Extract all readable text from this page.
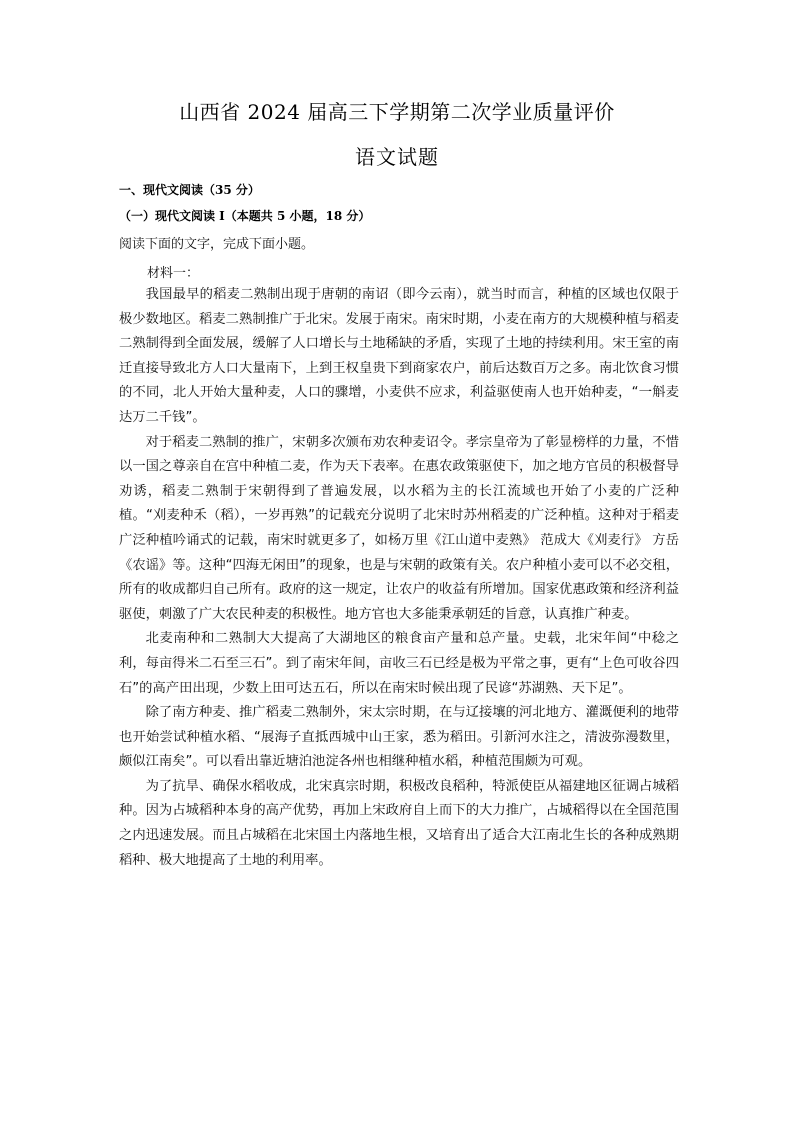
山西省 2024 届高三下学期第二次学业质量评价
语文试题
一、现代文阅读（35 分）
（一）现代文阅读 I（本题共 5 小题，18 分）
阅读下面的文字，完成下面小题。
材料一：

我国最早的稻麦二熟制出现于唐朝的南诏（即今云南），就当时而言，种植的区域也仅限于极少数地区。稻麦二熟制推广于北宋。发展于南宋。南宋时期，小麦在南方的大规模种植与稻麦二熟制得到全面发展，缓解了人口增长与土地稀缺的矛盾，实现了土地的持续利用。宋王室的南迁直接导致北方人口大量南下，上到王权皇贵下到商家农户，前后达数百万之多。南北饮食习惯的不同，北人开始大量种麦，人口的骤增，小麦供不应求，利益驱使南人也开始种麦，“一斛麦达万二千钱”。

对于稻麦二熟制的推广，宋朝多次颁布劝农种麦诏令。孝宗皇帝为了彰显榜样的力量，不惜以一国之尊亲自在宫中种植二麦，作为天下表率。在惠农政策驱使下，加之地方官员的积极督导劝诱，稻麦二熟制于宋朝得到了普遍发展，以水稻为主的长江流域也开始了小麦的广泛种植。“刈麦种禾（稻），一岁再熟”的记载充分说明了北宋时苏州稻麦的广泛种植。这种对于稻麦广泛种植吟诵式的记载，南宋时就更多了，如杨万里《江山道中麦熟》 范成大《刈麦行》 方岳《农谣》等。这种“四海无闲田”的现象，也是与宋朝的政策有关。农户种植小麦可以不必交租，所有的收成都归自己所有。政府的这一规定，让农户的收益有所增加。国家优惠政策和经济利益驱使，刺激了广大农民种麦的积极性。地方官也大多能秉承朝廷的旨意，认真推广种麦。

北麦南种和二熟制大大提高了大湖地区的粮食亩产量和总产量。史载，北宋年间“中稔之利，每亩得米二石至三石”。到了南宋年间，亩收三石已经是极为平常之事，更有“上色可收谷四石”的高产田出现，少数上田可达五石，所以在南宋时候出现了民谚“苏湖熟、天下足”。

除了南方种麦、推广稻麦二熟制外，宋太宗时期，在与辽接壤的河北地方、灌溉便利的地带也开始尝试种植水稻、“展海子直抵西城中山王家，悉为稻田。引新河水注之，清波弥漫数里，颇似江南矣”。可以看出靠近塘泊池淀各州也相继种植水稻，种植范围颇为可观。

为了抗旱、确保水稻收成，北宋真宗时期，积极改良稻种，特派使臣从福建地区征调占城稻种。因为占城稻种本身的高产优势，再加上宋政府自上而下的大力推广，占城稻得以在全国范围之内迅速发展。而且占城稻在北宋国土内落地生根，又培育出了适合大江南北生长的各种成熟期稻种、极大地提高了土地的利用率。
